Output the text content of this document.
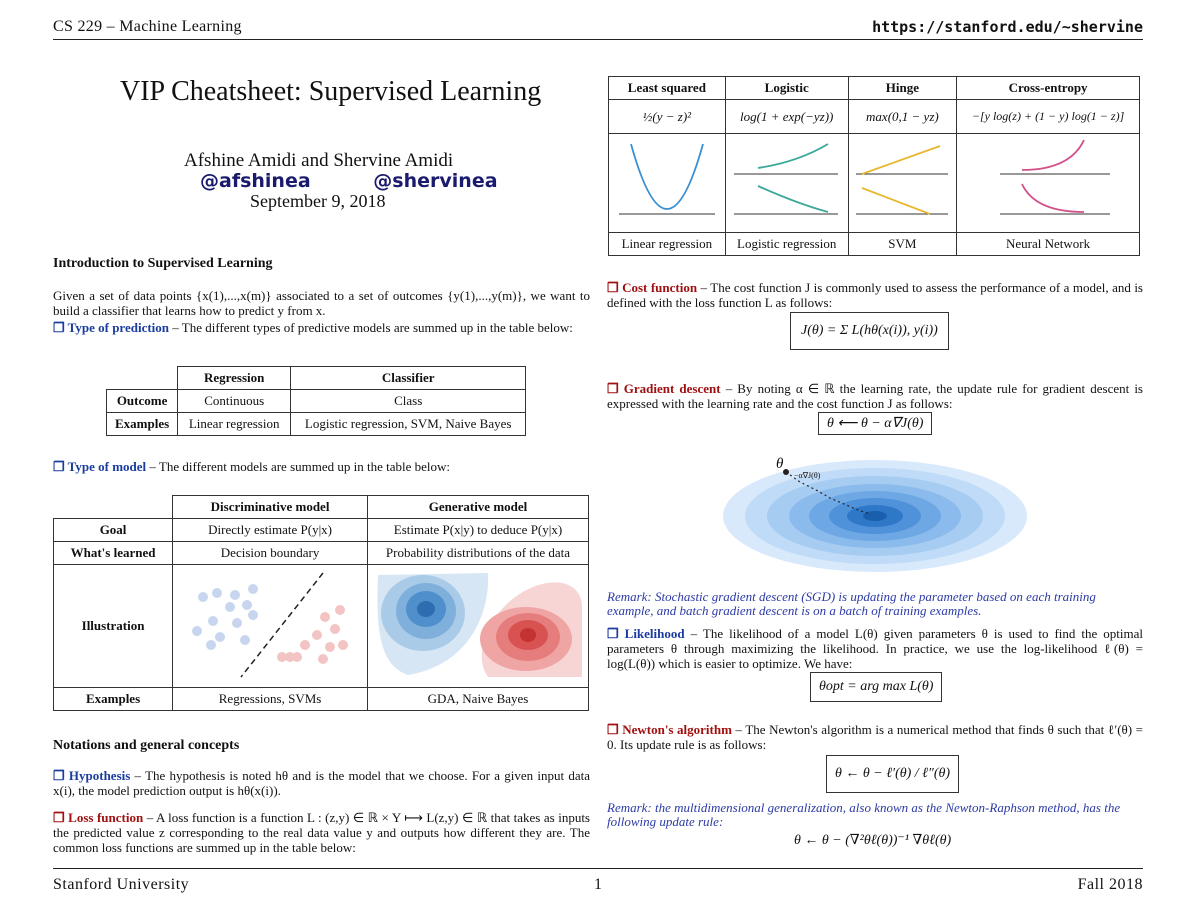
CS 229 – Machine Learning	https://stanford.edu/~shervine
VIP Cheatsheet: Supervised Learning
Afshine Amidi and Shervine Amidi
@afshinea	@shervinea
September 9, 2018
Introduction to Supervised Learning
Given a set of data points {x(1),...,x(m)} associated to a set of outcomes {y(1),...,y(m)}, we want to build a classifier that learns how to predict y from x.
❐ Type of prediction – The different types of predictive models are summed up in the table below:
	Regression	Classifier
Outcome	Continuous	Class
Examples	Linear regression	Logistic regression, SVM, Naive Bayes
❐ Type of model – The different models are summed up in the table below:
	Discriminative model	Generative model
Goal	Directly estimate P(y|x)	Estimate P(x|y) to deduce P(y|x)
What's learned	Decision boundary	Probability distributions of the data
Illustration		
Examples	Regressions, SVMs	GDA, Naive Bayes
Notations and general concepts
❐ Hypothesis – The hypothesis is noted hθ and is the model that we choose. For a given input data x(i), the model prediction output is hθ(x(i)).
❐ Loss function – A loss function is a function L : (z,y) ∈ ℝ × Y ⟼ L(z,y) ∈ ℝ that takes as inputs the predicted value z corresponding to the real data value y and outputs how different they are. The common loss functions are summed up in the table below:
Least squared	Logistic	Hinge	Cross-entropy
½(y − z)²	log(1 + exp(−yz))	max(0,1 − yz)	−[y log(z) + (1 − y) log(1 − z)]

Linear regression	Logistic regression	SVM	Neural Network
❐ Cost function – The cost function J is commonly used to assess the performance of a model, and is defined with the loss function L as follows:
J(θ) = Σ L(hθ(x(i)), y(i))
❐ Gradient descent – By noting α ∈ ℝ the learning rate, the update rule for gradient descent is expressed with the learning rate and the cost function J as follows:
θ ⟵ θ − α∇J(θ)
θ
−α∇J(θ)
Remark: Stochastic gradient descent (SGD) is updating the parameter based on each training example, and batch gradient descent is on a batch of training examples.
❐ Likelihood – The likelihood of a model L(θ) given parameters θ is used to find the optimal parameters θ through maximizing the likelihood. In practice, we use the log-likelihood ℓ(θ) = log(L(θ)) which is easier to optimize. We have:
θopt = arg max L(θ)
❐ Newton's algorithm – The Newton's algorithm is a numerical method that finds θ such that ℓ′(θ) = 0. Its update rule is as follows:
θ ← θ − ℓ′(θ) / ℓ″(θ)
Remark: the multidimensional generalization, also known as the Newton-Raphson method, has the following update rule:
θ ← θ − (∇²θℓ(θ))⁻¹ ∇θℓ(θ)
Stanford University	1	Fall 2018
